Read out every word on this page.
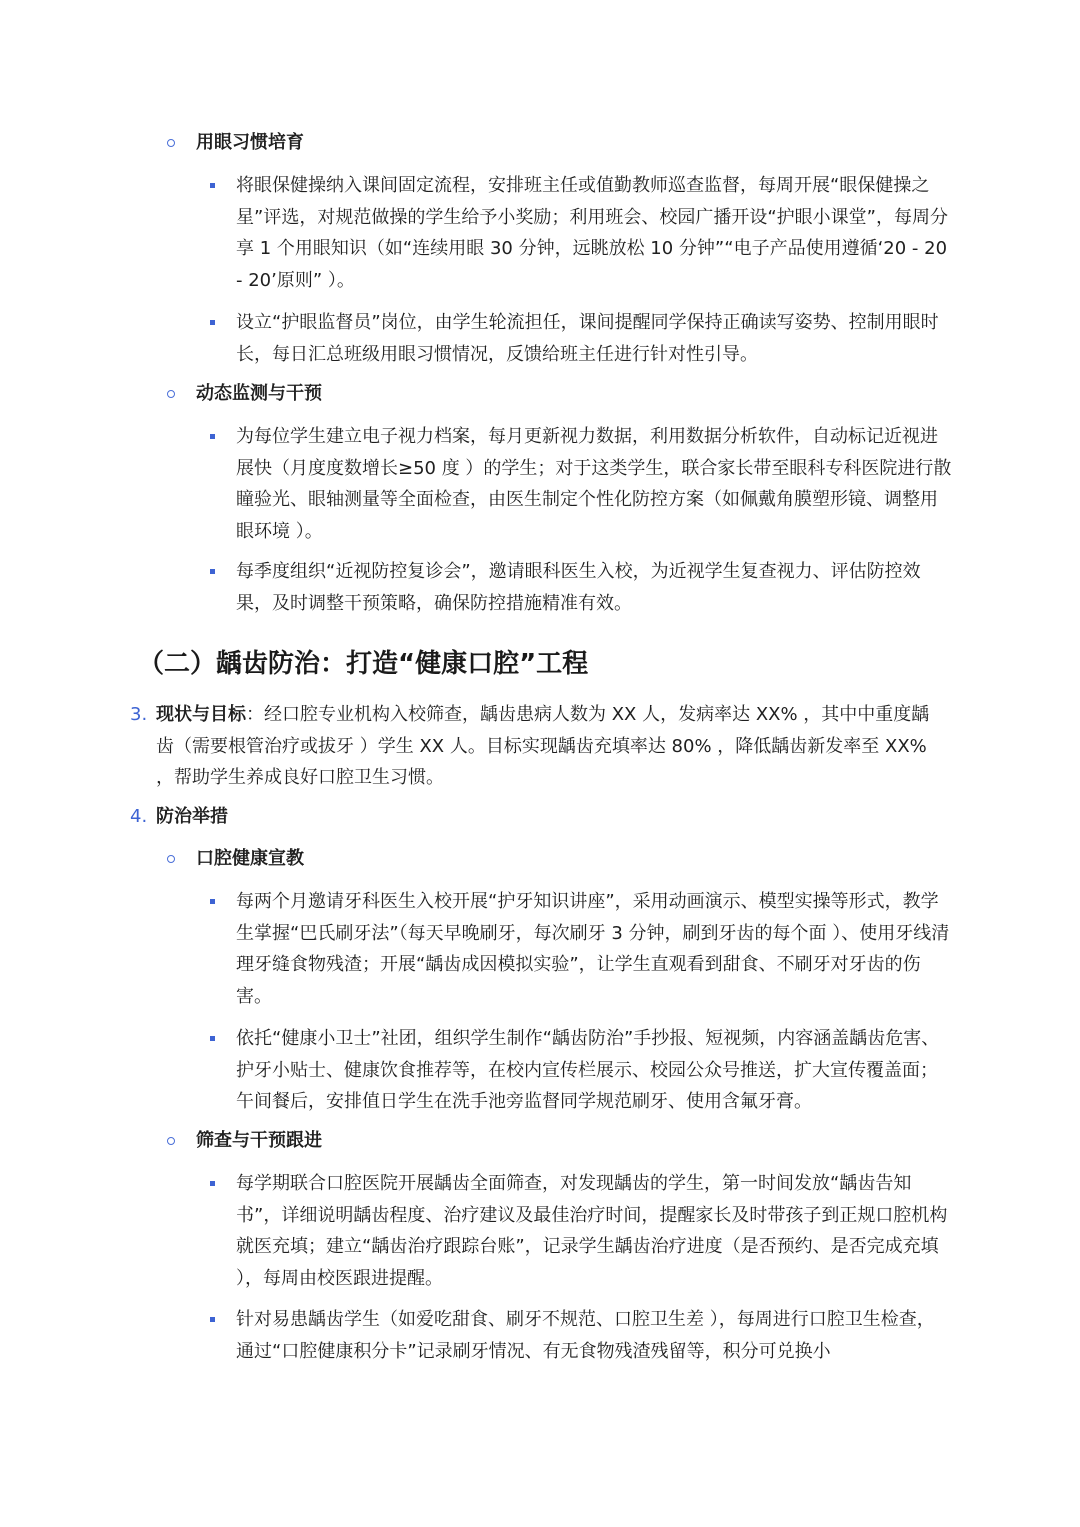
用眼习惯培育
将眼保健操纳入课间固定流程，安排班主任或值勤教师巡查监督，每周开展“眼保健操之星”评选，对规范做操的学生给予小奖励；利用班会、校园广播开设“护眼小课堂”，每周分享 1 个用眼知识（如“连续用眼 30 分钟，远眺放松 10 分钟”“电子产品使用遵循‘20 - 20 - 20’原则” ）。
设立“护眼监督员”岗位，由学生轮流担任，课间提醒同学保持正确读写姿势、控制用眼时长，每日汇总班级用眼习惯情况，反馈给班主任进行针对性引导。
动态监测与干预
为每位学生建立电子视力档案，每月更新视力数据，利用数据分析软件，自动标记近视进展快（月度度数增长≥50 度 ）的学生；对于这类学生，联合家长带至眼科专科医院进行散瞳验光、眼轴测量等全面检查，由医生制定个性化防控方案（如佩戴角膜塑形镜、调整用眼环境 ）。
每季度组织“近视防控复诊会”，邀请眼科医生入校，为近视学生复查视力、评估防控效果，及时调整干预策略，确保防控措施精准有效。
（二）龋齿防治：打造“健康口腔”工程
3. 现状与目标：经口腔专业机构入校筛查，龋齿患病人数为 XX 人，发病率达 XX% ，其中中重度龋齿（需要根管治疗或拔牙 ）学生 XX 人。目标实现龋齿充填率达 80% ，降低龋齿新发率至 XX% ，帮助学生养成良好口腔卫生习惯。
4. 防治举措
口腔健康宣教
每两个月邀请牙科医生入校开展“护牙知识讲座”，采用动画演示、模型实操等形式，教学生掌握“巴氏刷牙法”（每天早晚刷牙，每次刷牙 3 分钟，刷到牙齿的每个面 ）、使用牙线清理牙缝食物残渣；开展“龋齿成因模拟实验”，让学生直观看到甜食、不刷牙对牙齿的伤害。
依托“健康小卫士”社团，组织学生制作“龋齿防治”手抄报、短视频，内容涵盖龋齿危害、护牙小贴士、健康饮食推荐等，在校内宣传栏展示、校园公众号推送，扩大宣传覆盖面；午间餐后，安排值日学生在洗手池旁监督同学规范刷牙、使用含氟牙膏。
筛查与干预跟进
每学期联合口腔医院开展龋齿全面筛查，对发现龋齿的学生，第一时间发放“龋齿告知书”，详细说明龋齿程度、治疗建议及最佳治疗时间，提醒家长及时带孩子到正规口腔机构就医充填；建立“龋齿治疗跟踪台账”，记录学生龋齿治疗进度（是否预约、是否完成充填 ），每周由校医跟进提醒。
针对易患龋齿学生（如爱吃甜食、刷牙不规范、口腔卫生差 ），每周进行口腔卫生检查，通过“口腔健康积分卡”记录刷牙情况、有无食物残渣残留等，积分可兑换小
